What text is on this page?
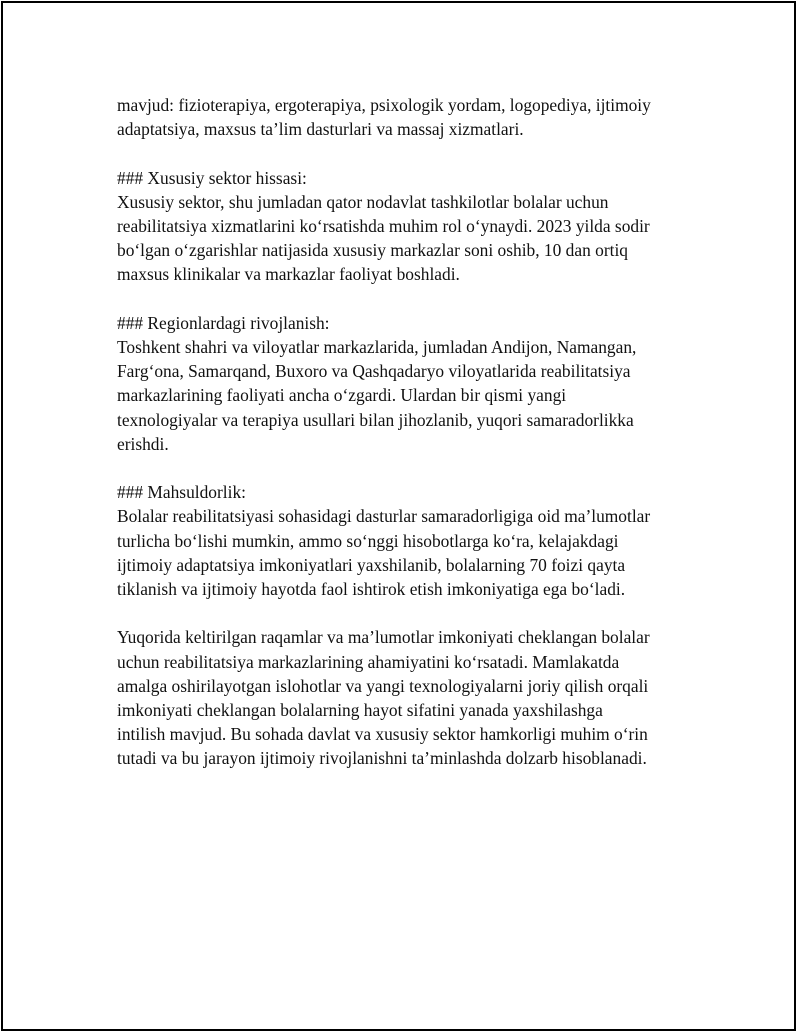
mavjud: fizioterapiya, ergoterapiya, psixologik yordam, logopediya, ijtimoiy
adaptatsiya, maxsus ta’lim dasturlari va massaj xizmatlari.
### Xususiy sektor hissasi:
Xususiy sektor, shu jumladan qator nodavlat tashkilotlar bolalar uchun
reabilitatsiya xizmatlarini ko‘rsatishda muhim rol o‘ynaydi. 2023 yilda sodir
bo‘lgan o‘zgarishlar natijasida xususiy markazlar soni oshib, 10 dan ortiq
maxsus klinikalar va markazlar faoliyat boshladi.
### Regionlardagi rivojlanish:
Toshkent shahri va viloyatlar markazlarida, jumladan Andijon, Namangan,
Farg‘ona, Samarqand, Buxoro va Qashqadaryo viloyatlarida reabilitatsiya
markazlarining faoliyati ancha o‘zgardi. Ulardan bir qismi yangi
texnologiyalar va terapiya usullari bilan jihozlanib, yuqori samaradorlikka
erishdi.
### Mahsuldorlik:
Bolalar reabilitatsiyasi sohasidagi dasturlar samaradorligiga oid ma’lumotlar
turlicha bo‘lishi mumkin, ammo so‘nggi hisobotlarga ko‘ra, kelajakdagi
ijtimoiy adaptatsiya imkoniyatlari yaxshilanib, bolalarning 70 foizi qayta
tiklanish va ijtimoiy hayotda faol ishtirok etish imkoniyatiga ega bo‘ladi.
Yuqorida keltirilgan raqamlar va ma’lumotlar imkoniyati cheklangan bolalar
uchun reabilitatsiya markazlarining ahamiyatini ko‘rsatadi. Mamlakatda
amalga oshirilayotgan islohotlar va yangi texnologiyalarni joriy qilish orqali
imkoniyati cheklangan bolalarning hayot sifatini yanada yaxshilashga
intilish mavjud. Bu sohada davlat va xususiy sektor hamkorligi muhim o‘rin
tutadi va bu jarayon ijtimoiy rivojlanishni ta’minlashda dolzarb hisoblanadi.
